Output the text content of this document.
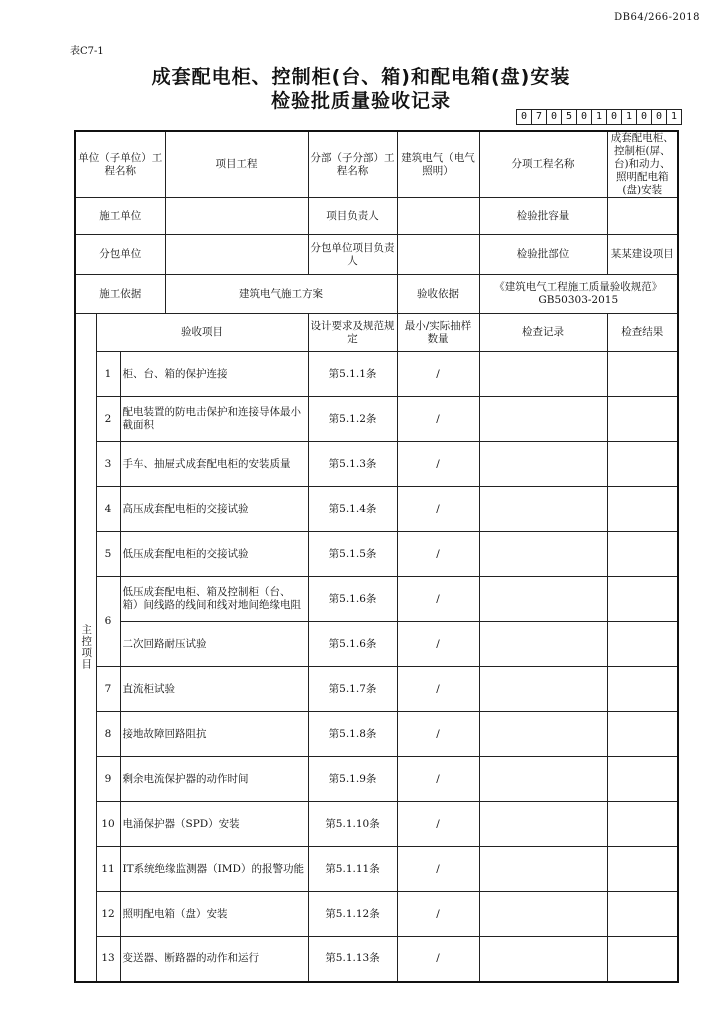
DB64/266-2018
表C7-1
成套配电柜、控制柜(台、箱)和配电箱(盘)安装
检验批质量验收记录
0 7 0 5 0 1 0 1 0 0 1
单位（子单位）工程名称			项目工程	分部（子分部）工程名称	建筑电气（电气照明）	分项工程名称	成套配电柜、控制柜(屏、台)和动力、照明配电箱(盘)安装
施工单位				项目负责人		检验批容量	
分包单位				分包单位项目负责人		检验批部位	某某建设项目
施工依据			建筑电气施工方案		验收依据	《建筑电气工程施工质量验收规范》GB50303-2015	

主控项目	验收项目			设计要求及规范规定	最小/实际抽样数量	检查记录	检查结果
	1	柜、台、箱的保护连接		第5.1.1条	/		
	2	配电装置的防电击保护和连接导体最小截面积		第5.1.2条	/		
	3	手车、抽屉式成套配电柜的安装质量		第5.1.3条	/		
	4	高压成套配电柜的交接试验		第5.1.4条	/		
	5	低压成套配电柜的交接试验		第5.1.5条	/		
	6	低压成套配电柜、箱及控制柜（台、箱）间线路的线间和线对地间绝缘电阻		第5.1.6条	/		
		二次回路耐压试验		第5.1.6条	/		
	7	直流柜试验		第5.1.7条	/		
	8	接地故障回路阻抗		第5.1.8条	/		
	9	剩余电流保护器的动作时间		第5.1.9条	/		
	10	电涌保护器（SPD）安装		第5.1.10条	/		
	11	IT系统绝缘监测器（IMD）的报警功能		第5.1.11条	/		
	12	照明配电箱（盘）安装		第5.1.12条	/		
	13	变送器、断路器的动作和运行		第5.1.13条	/		
